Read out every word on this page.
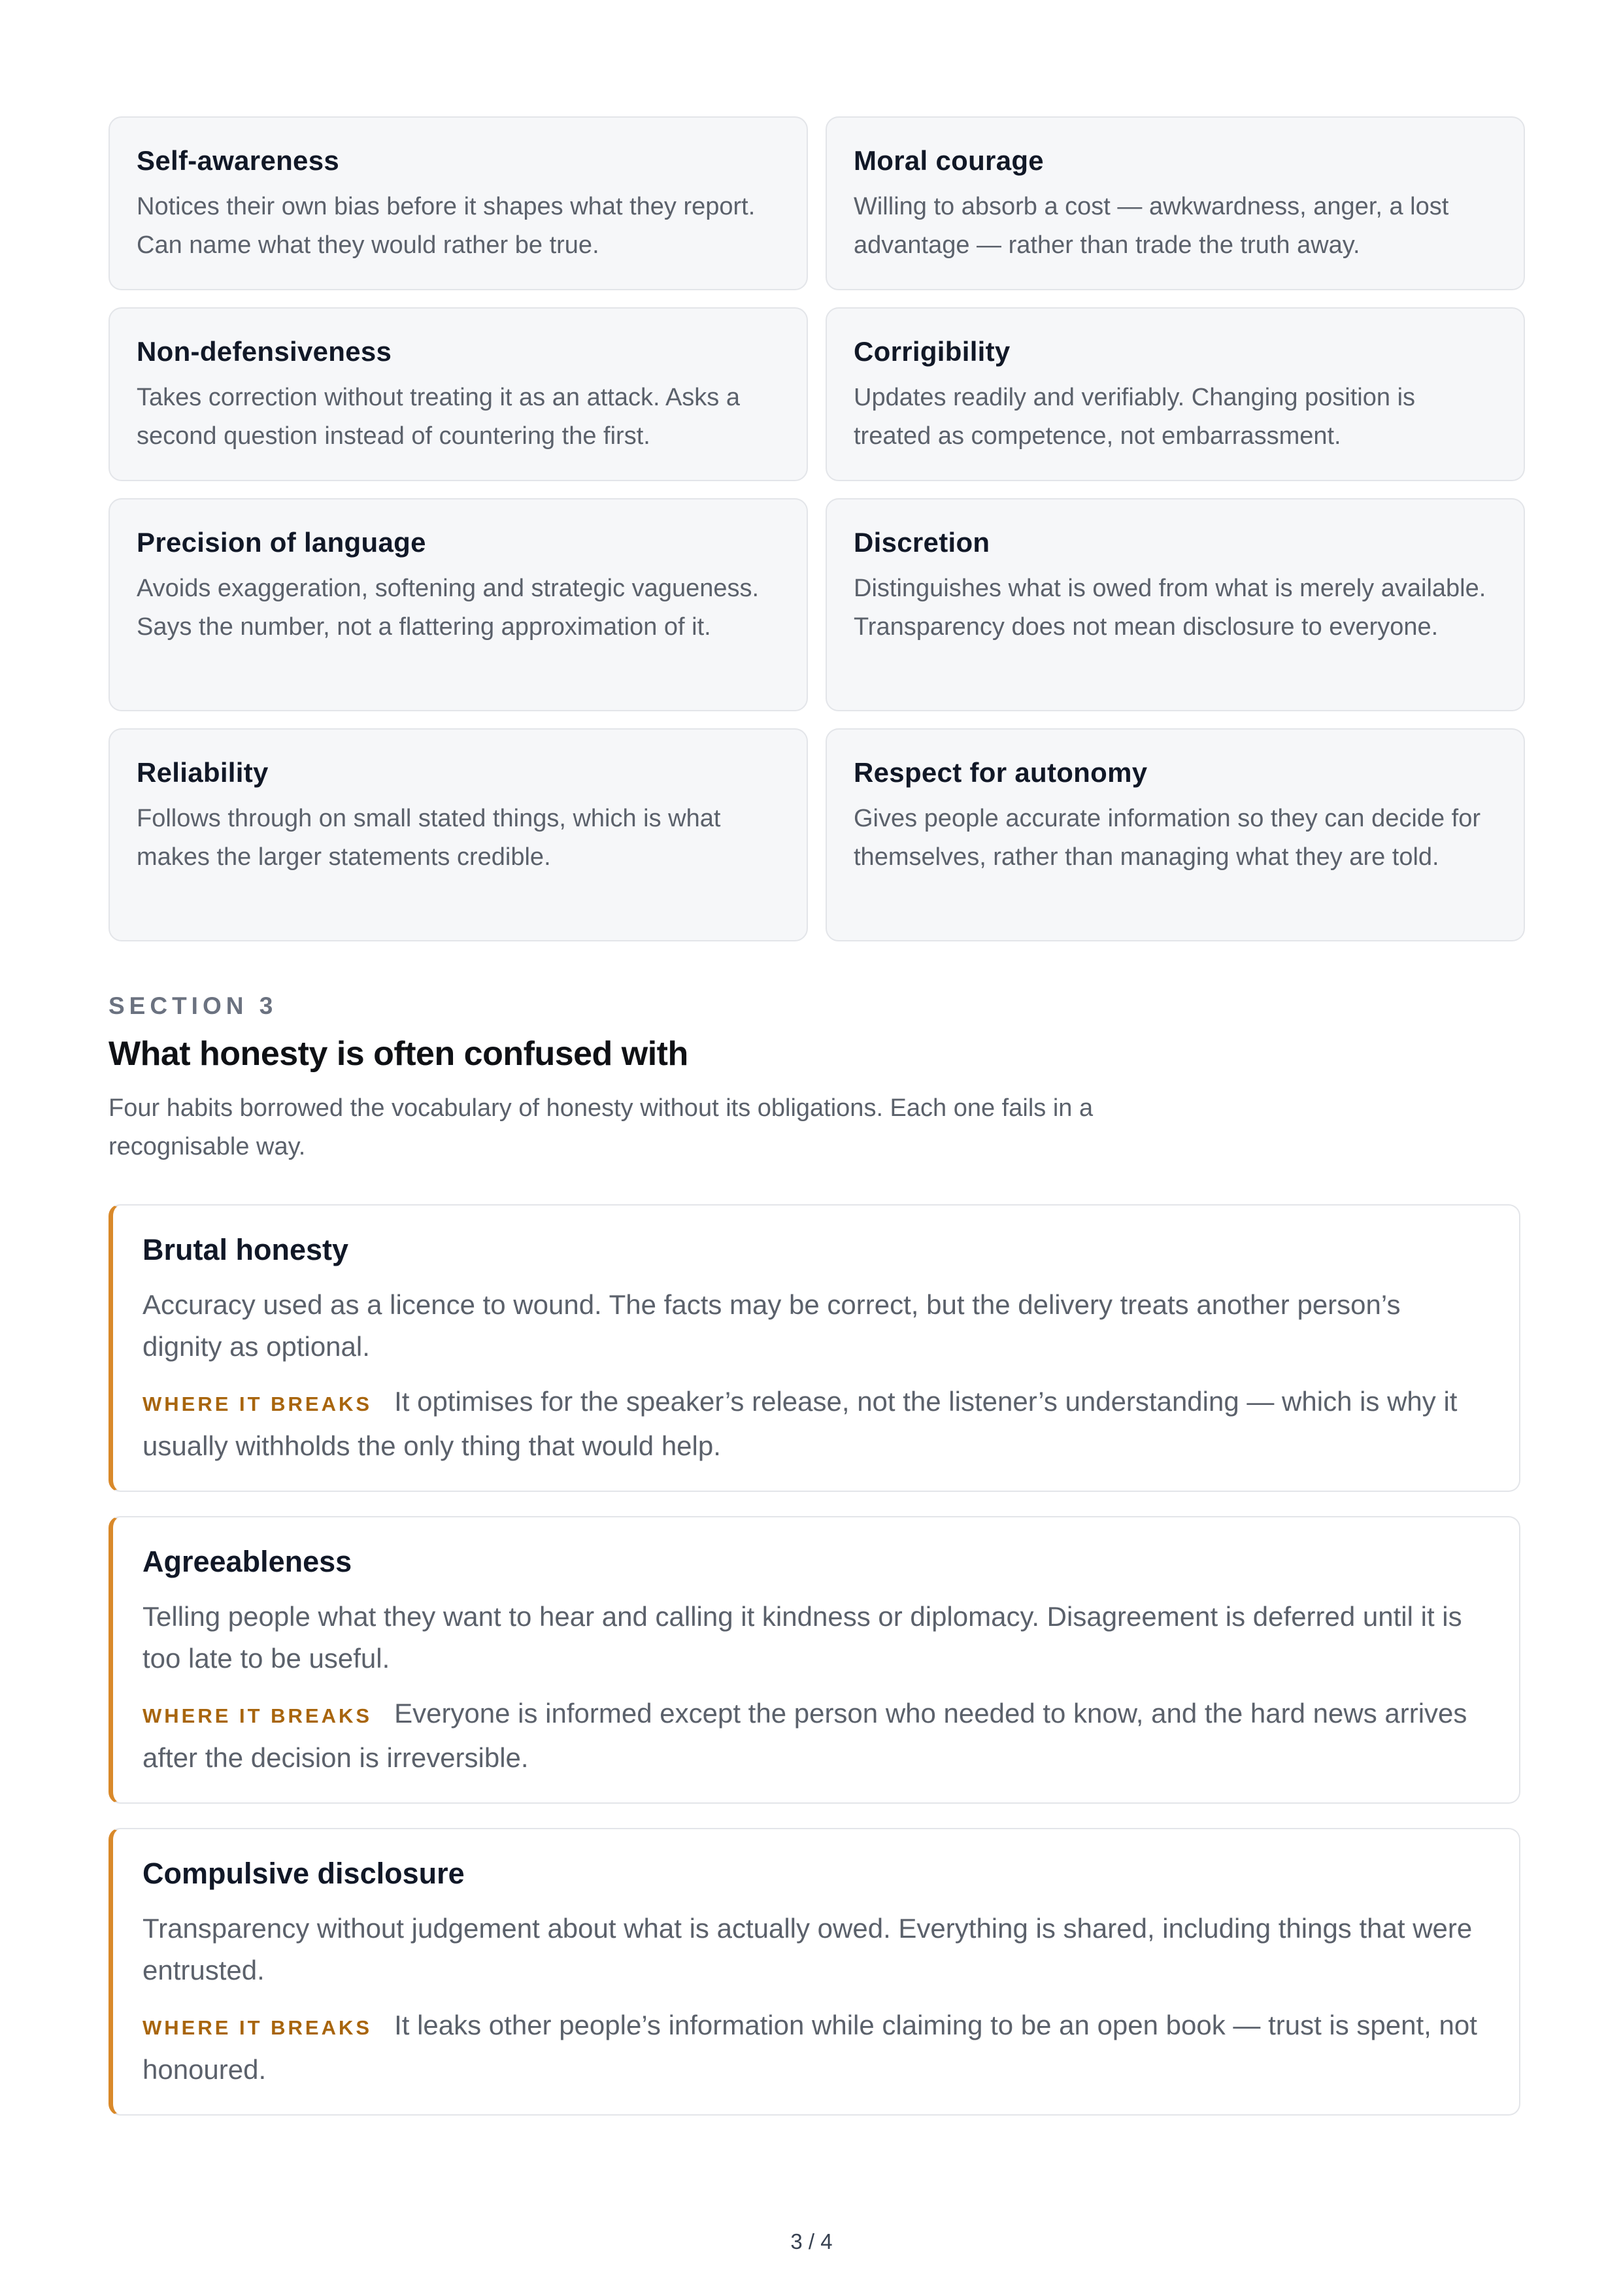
Self-awareness

Notices their own bias before it shapes what they report. Can name what they would rather be true.

Moral courage

Willing to absorb a cost — awkwardness, anger, a lost advantage — rather than trade the truth away.

Non-defensiveness

Takes correction without treating it as an attack. Asks a second question instead of countering the first.

Corrigibility

Updates readily and verifiably. Changing position is treated as competence, not embarrassment.

Precision of language

Avoids exaggeration, softening and strategic vagueness. Says the number, not a flattering approximation of it.

Discretion

Distinguishes what is owed from what is merely available. Transparency does not mean disclosure to everyone.

Reliability

Follows through on small stated things, which is what makes the larger statements credible.

Respect for autonomy

Gives people accurate information so they can decide for themselves, rather than managing what they are told.

SECTION 3
What honesty is often confused with

Four habits borrowed the vocabulary of honesty without its obligations. Each one fails in a recognisable way.

Brutal honesty

Accuracy used as a licence to wound. The facts may be correct, but the delivery treats another person’s dignity as optional.

WHERE IT BREAKS It optimises for the speaker’s release, not the listener’s understanding — which is why it usually withholds the only thing that would help.

Agreeableness

Telling people what they want to hear and calling it kindness or diplomacy. Disagreement is deferred until it is too late to be useful.

WHERE IT BREAKS Everyone is informed except the person who needed to know, and the hard news arrives after the decision is irreversible.

Compulsive disclosure

Transparency without judgement about what is actually owed. Everything is shared, including things that were entrusted.

WHERE IT BREAKS It leaks other people’s information while claiming to be an open book — trust is spent, not honoured.

3 / 4
